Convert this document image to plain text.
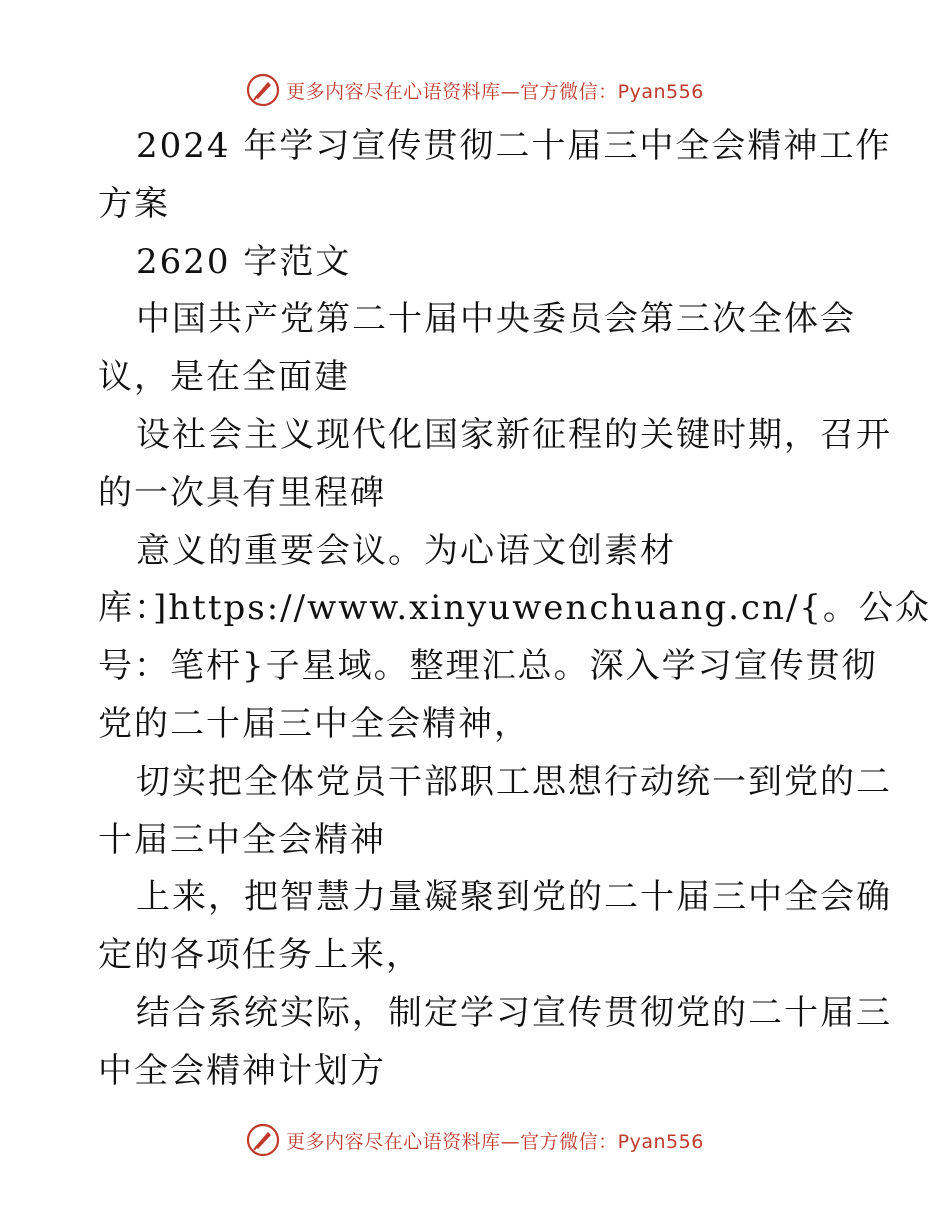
更多内容尽在心语资料库—官方微信：Pyan556
2024 年学习宣传贯彻二十届三中全会精神工作
方案
2620 字范文
中国共产党第二十届中央委员会第三次全体会
议，是在全面建
设社会主义现代化国家新征程的关键时期，召开
的一次具有里程碑
意义的重要会议。为心语文创素材
库：]https://www.xinyuwenchuang.cn/{。公众
号：笔杆}子星域。整理汇总。深入学习宣传贯彻
党的二十届三中全会精神，
切实把全体党员干部职工思想行动统一到党的二
十届三中全会精神
上来，把智慧力量凝聚到党的二十届三中全会确
定的各项任务上来，
结合系统实际，制定学习宣传贯彻党的二十届三
中全会精神计划方
更多内容尽在心语资料库—官方微信：Pyan556
